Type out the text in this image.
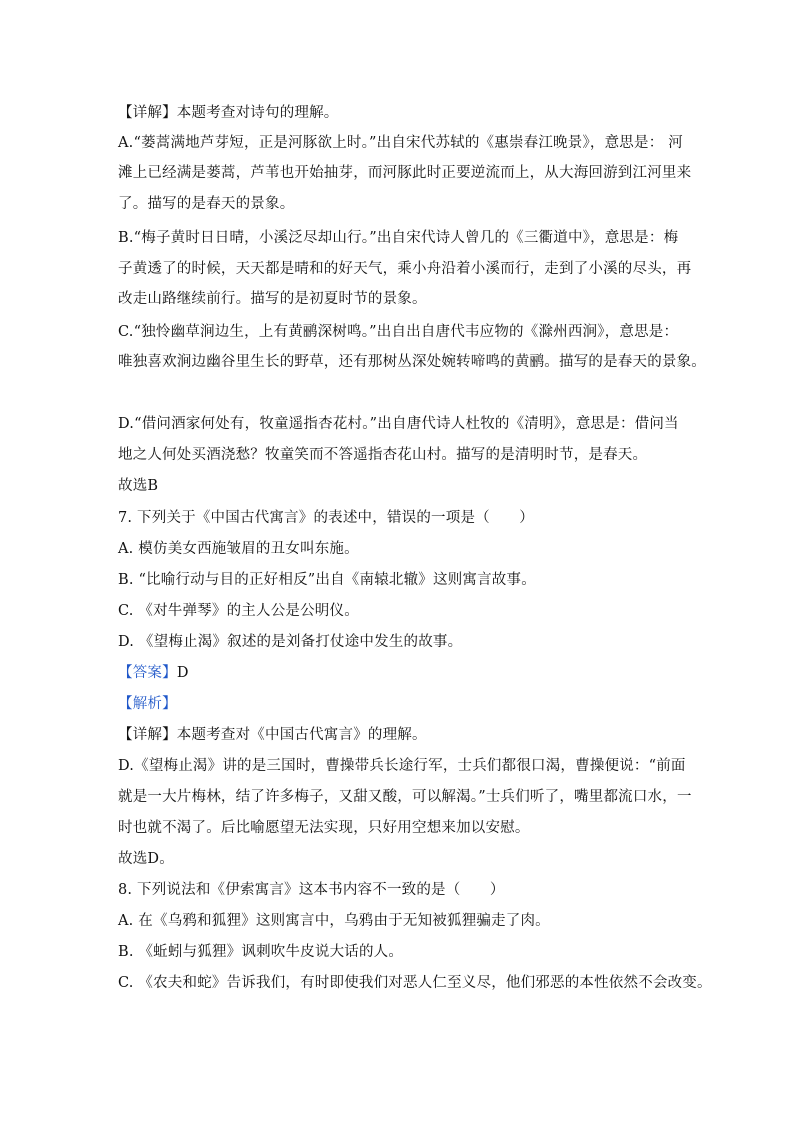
【详解】本题考查对诗句的理解。
A.“蒌蒿满地芦芽短，正是河豚欲上时。”出自宋代苏轼的《惠崇春江晚景》，意思是： 河
滩上已经满是蒌蒿，芦苇也开始抽芽，而河豚此时正要逆流而上，从大海回游到江河里来
了。描写的是春天的景象。
B.“梅子黄时日日晴，小溪泛尽却山行。”出自宋代诗人曾几的《三衢道中》，意思是：梅
子黄透了的时候，天天都是晴和的好天气，乘小舟沿着小溪而行，走到了小溪的尽头，再
改走山路继续前行。描写的是初夏时节的景象。
C.“独怜幽草涧边生，上有黄鹂深树鸣。”出自出自唐代韦应物的《滁州西涧》，意思是：
唯独喜欢涧边幽谷里生长的野草，还有那树丛深处婉转啼鸣的黄鹂。描写的是春天的景象。
D.“借问酒家何处有，牧童遥指杏花村。”出自唐代诗人杜牧的《清明》，意思是：借问当
地之人何处买酒浇愁？牧童笑而不答遥指杏花山村。描写的是清明时节，是春天。
故选B
7. 下列关于《中国古代寓言》的表述中，错误的一项是（　　）
A. 模仿美女西施皱眉的丑女叫东施。
B. “比喻行动与目的正好相反”出自《南辕北辙》这则寓言故事。
C. 《对牛弹琴》的主人公是公明仪。
D. 《望梅止渴》叙述的是刘备打仗途中发生的故事。
【答案】D
【解析】
【详解】本题考查对《中国古代寓言》的理解。
D.《望梅止渴》讲的是三国时，曹操带兵长途行军，士兵们都很口渴，曹操便说：“前面
就是一大片梅林，结了许多梅子，又甜又酸，可以解渴。”士兵们听了，嘴里都流口水，一
时也就不渴了。后比喻愿望无法实现，只好用空想来加以安慰。
故选D。
8. 下列说法和《伊索寓言》这本书内容不一致的是（　　）
A. 在《乌鸦和狐狸》这则寓言中，乌鸦由于无知被狐狸骗走了肉。
B. 《蚯蚓与狐狸》讽刺吹牛皮说大话的人。
C. 《农夫和蛇》告诉我们，有时即使我们对恶人仁至义尽，他们邪恶的本性依然不会改变。
